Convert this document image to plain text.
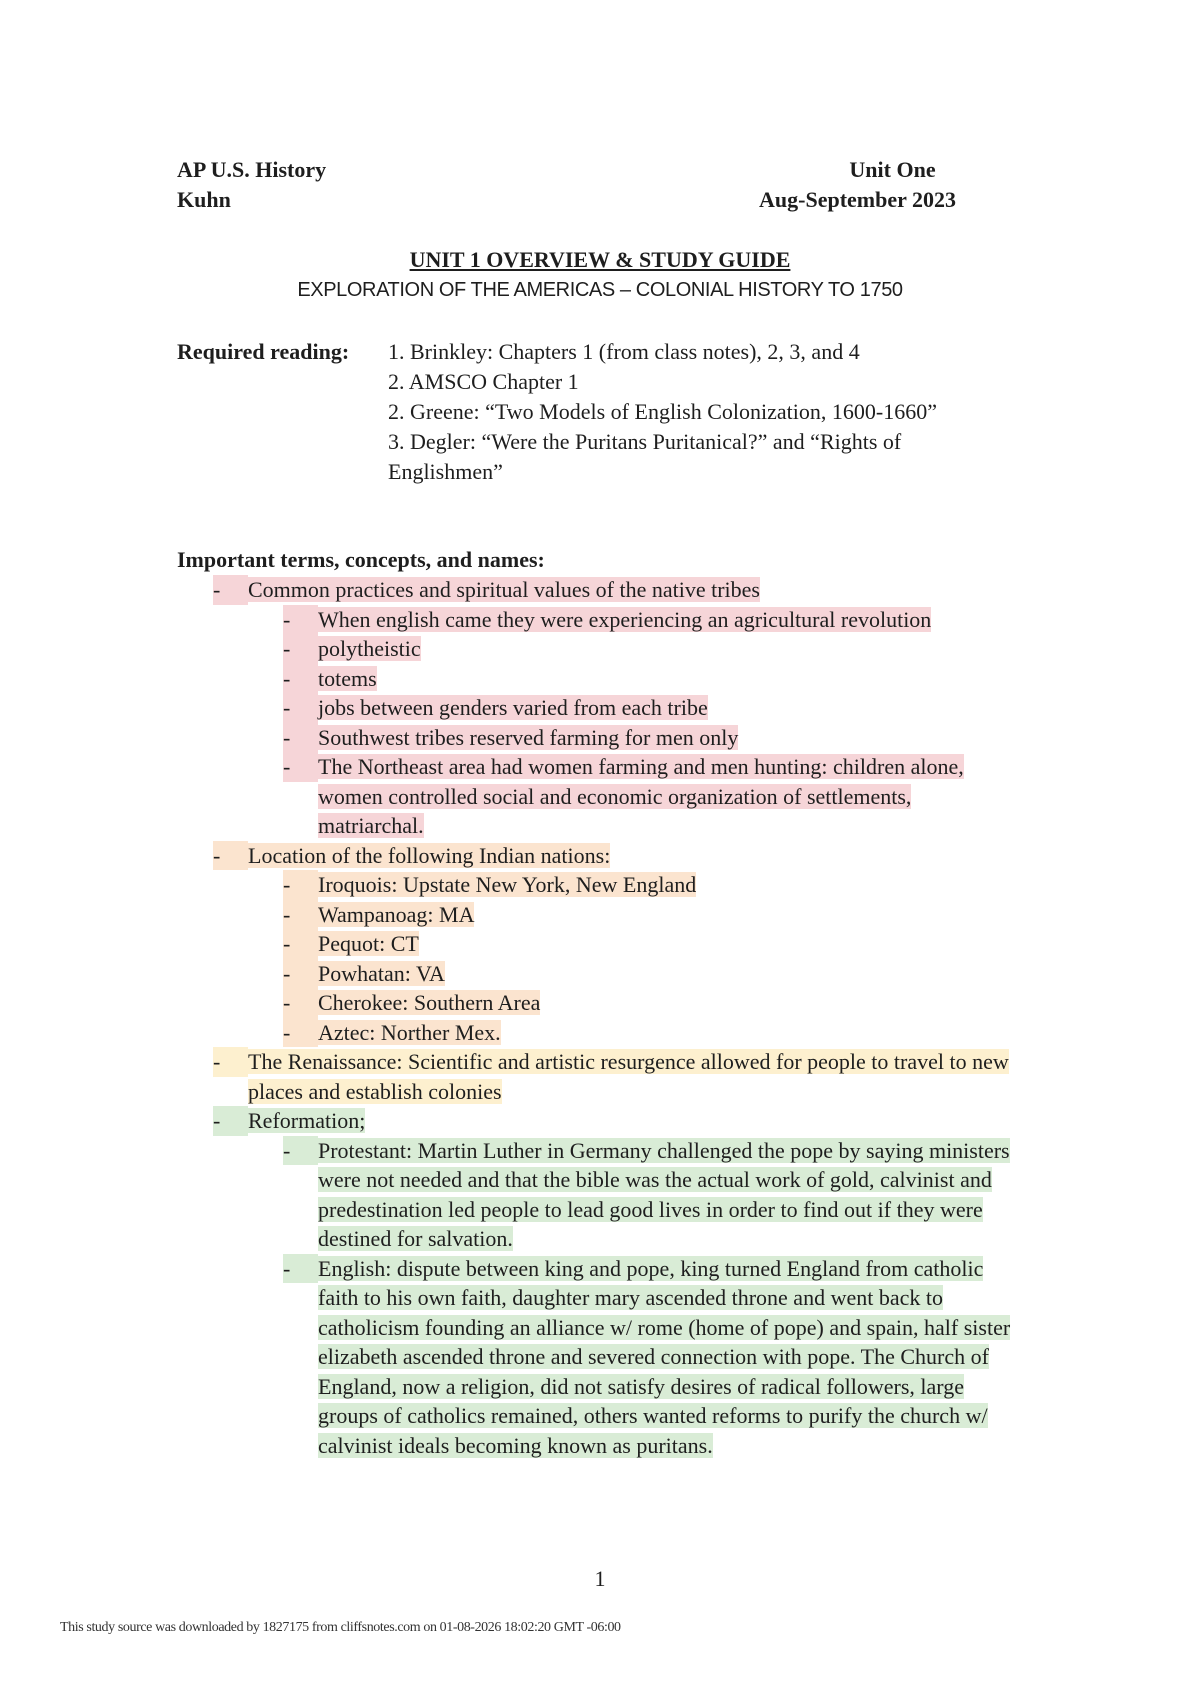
AP U.S. History
Kuhn
Unit One
Aug-September 2023
UNIT 1 OVERVIEW & STUDY GUIDE
EXPLORATION OF THE AMERICAS – COLONIAL HISTORY TO 1750
Required reading: 1. Brinkley: Chapters 1 (from class notes), 2, 3, and 4
2. AMSCO Chapter 1
2. Greene: “Two Models of English Colonization, 1600-1660”
3. Degler: “Were the Puritans Puritanical?” and “Rights of Englishmen”
Important terms, concepts, and names:
-	Common practices and spiritual values of the native tribes
-	When english came they were experiencing an agricultural revolution
-	polytheistic
-	totems
-	jobs between genders varied from each tribe
-	Southwest tribes reserved farming for men only
-	The Northeast area had women farming and men hunting: children alone, women controlled social and economic organization of settlements, matriarchal.
-	Location of the following Indian nations:
-	Iroquois: Upstate New York, New England
-	Wampanoag: MA
-	Pequot: CT
-	Powhatan: VA
-	Cherokee: Southern Area
-	Aztec: Norther Mex.
-	The Renaissance: Scientific and artistic resurgence allowed for people to travel to new places and establish colonies
-	Reformation;
-	Protestant: Martin Luther in Germany challenged the pope by saying ministers were not needed and that the bible was the actual work of gold, calvinist and predestination led people to lead good lives in order to find out if they were destined for salvation.
-	English: dispute between king and pope, king turned England from catholic faith to his own faith, daughter mary ascended throne and went back to catholicism founding an alliance w/ rome (home of pope) and spain, half sister elizabeth ascended throne and severed connection with pope. The Church of England, now a religion, did not satisfy desires of radical followers, large groups of catholics remained, others wanted reforms to purify the church w/ calvinist ideals becoming known as puritans.
1
This study source was downloaded by 1827175 from cliffsnotes.com on 01-08-2026 18:02:20 GMT -06:00
